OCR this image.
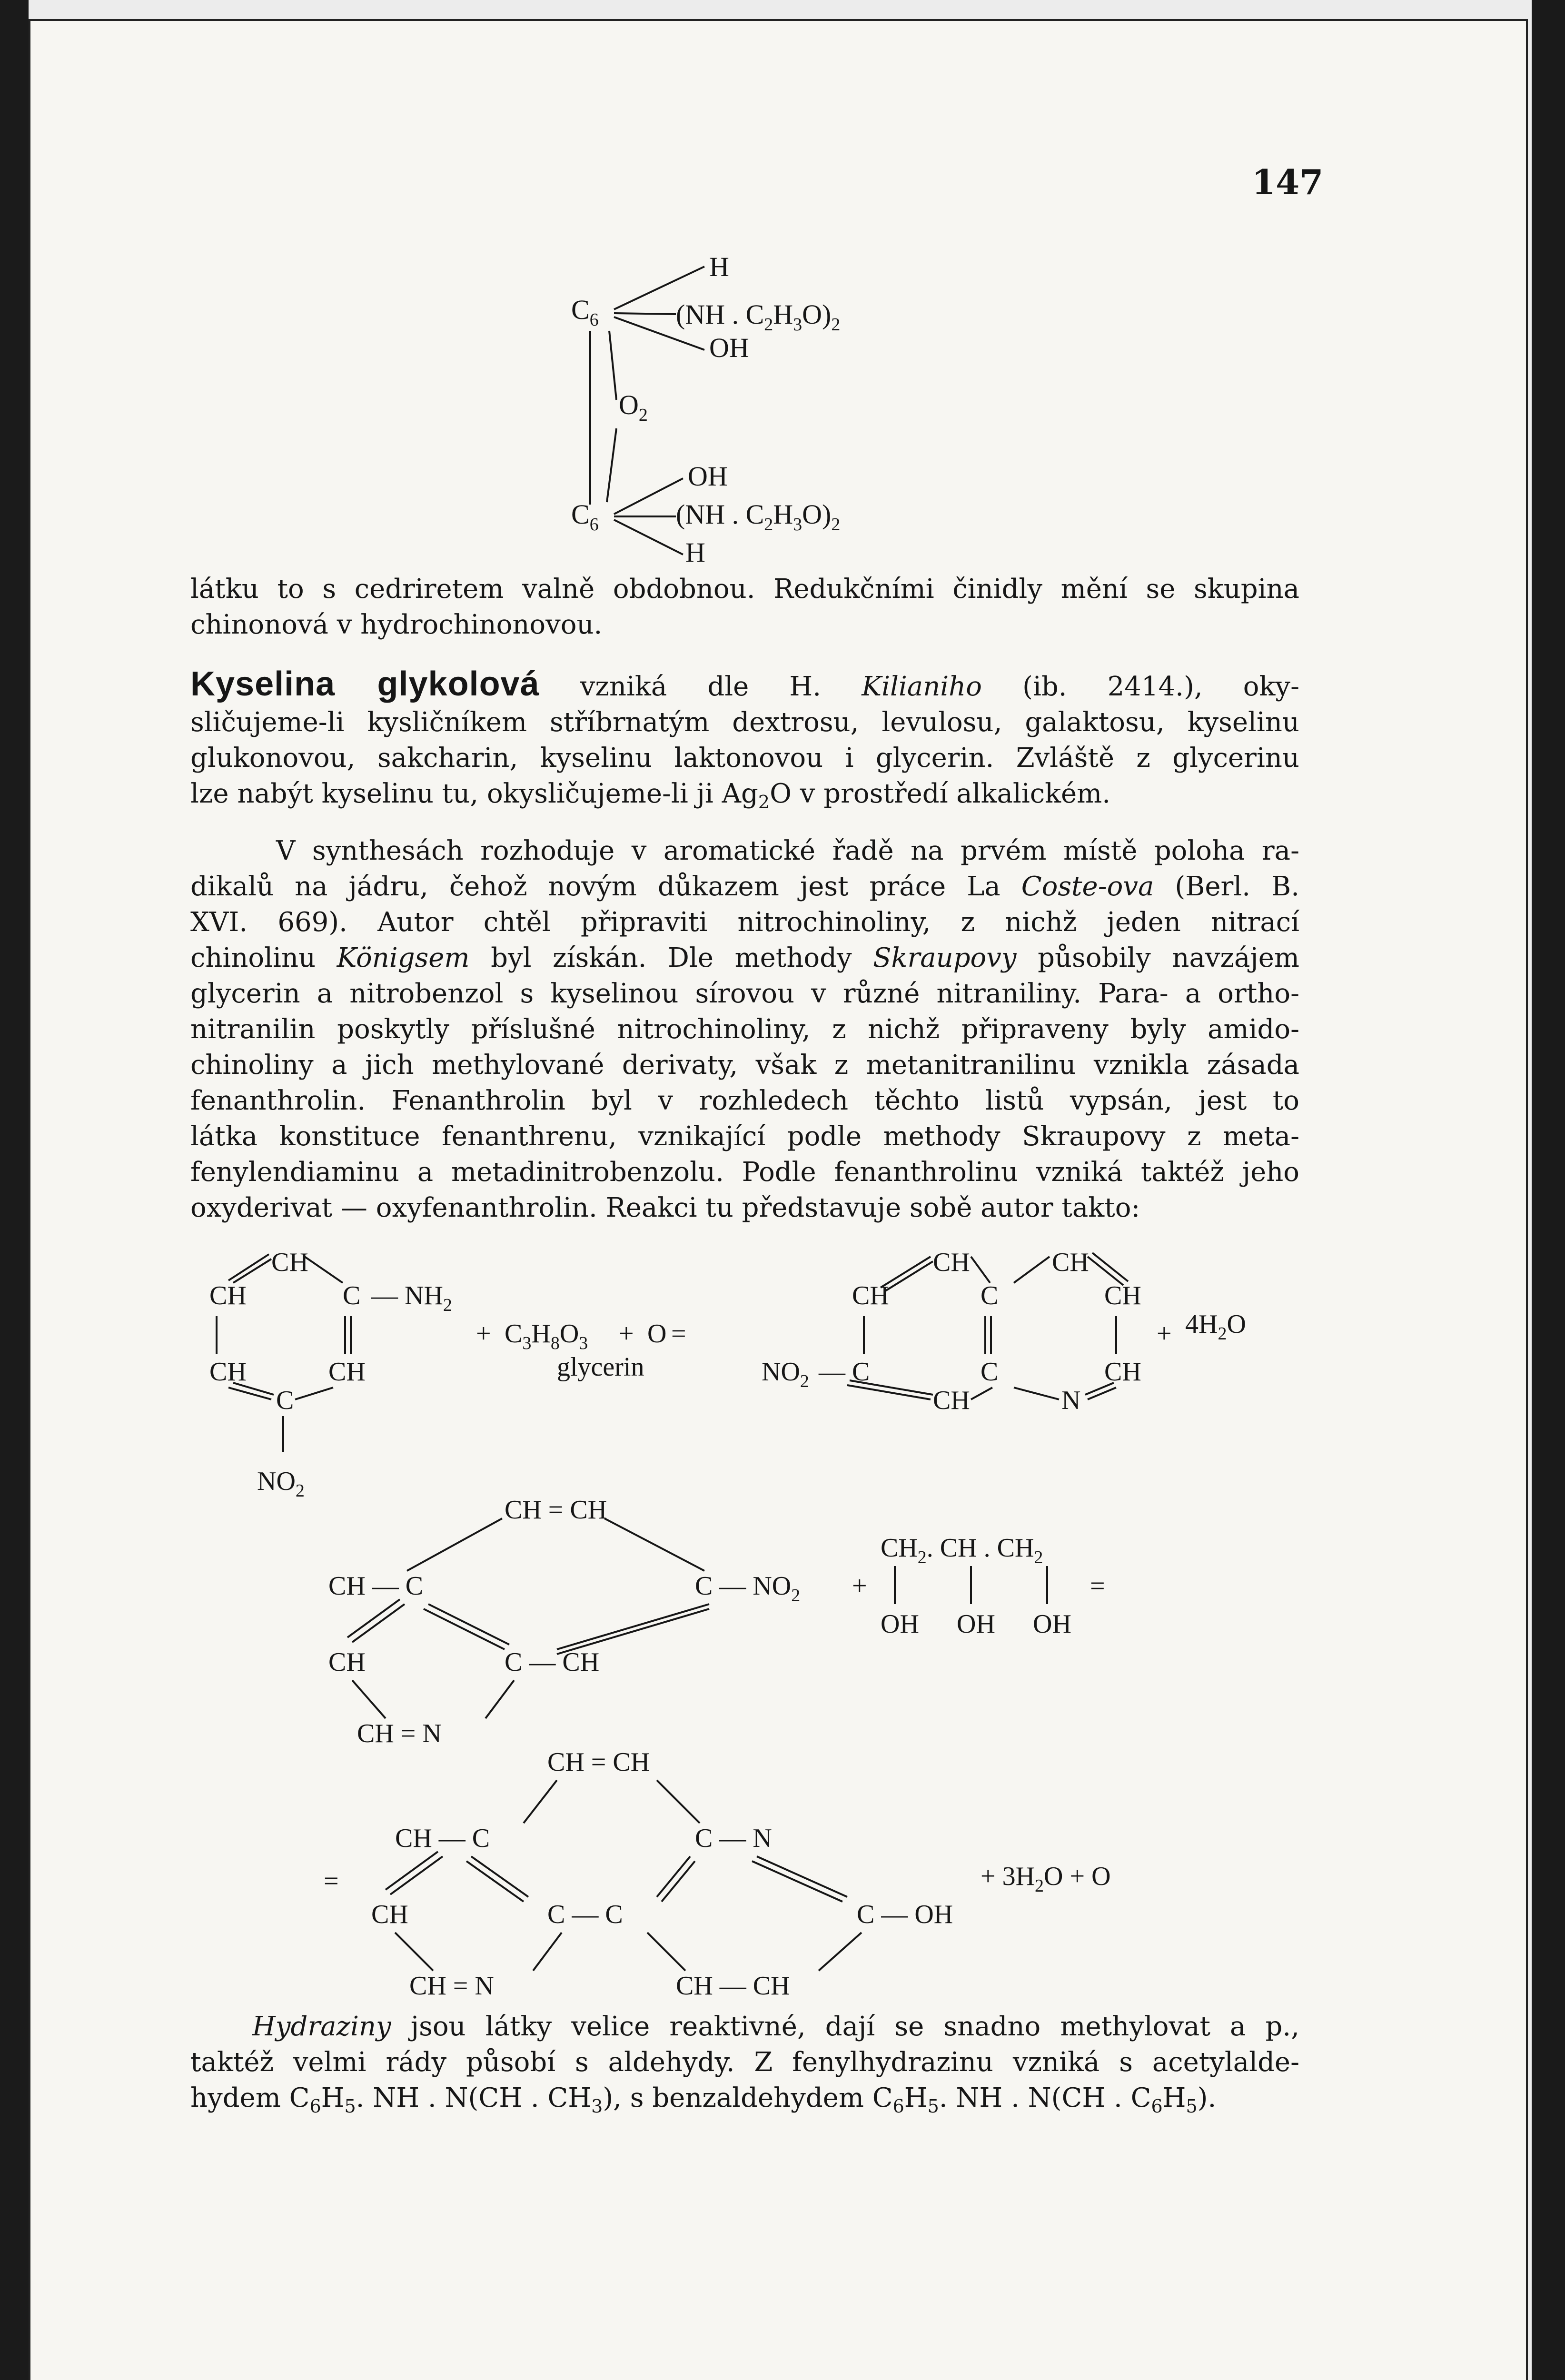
147
$C_6$
H
(NH . $C_2H_3O)_2$
OH
$O_2$
OH
$C_6$	(NH . $C_2H_3O)_2$
H
látku to s cedriretem valně obdobnou. Redukčními činidly mění se skupina
chinonová v hydrochinonovou.
Kyselina glykolová vzniká dle H. Kilianiho (ib. 2414.), oky-
sličujeme-li kysličníkem stříbrnatým dextrosu, levulosu, galaktosu, kyselinu
glukonovou, sakcharin, kyselinu laktonovou i glycerin. Zvláště z glycerinu
lze nabýt kyselinu tu, okysličujeme-li ji $Ag_2O$ v prostředí alkalickém.
V synthesách rozhoduje v aromatické řadě na prvém místě poloha ra-
dikalů na jádru, čehož novým důkazem jest práce La Coste-ova (Berl. B.
XVI. 669). Autor chtěl připraviti nitrochinoliny, z nichž jeden nitrací
chinolinu Königsem byl získán. Dle methody Skraupovy působily navzájem
glycerin a nitrobenzol s kyselinou sírovou v různé nitraniliny. Para- a ortho-
nitranilin poskytly příslušné nitrochinoliny, z nichž připraveny byly amido-
chinoliny a jich methylované derivaty, však z metanitranilinu vznikla zásada
fenanthrolin. Fenanthrolin byl v rozhledech těchto listů vypsán, jest to
látka konstituce fenanthrenu, vznikající podle methody Skraupovy z meta-
fenylendiaminu a metadinitrobenzolu. Podle fenanthrolinu vzniká taktéž jeho
oxyderivat — oxyfenanthrolin. Reakci tu představuje sobě autor takto:
CH
CH	C — $NH_2$
CH	CH
C
$NO_2$
+ $C_3H_8O_3 + O$ =
glycerin
CH	CH
CH	C	CH
$NO_2$ — C	C	CH
CH	N
+ $4H_2O$
CH = CH
CH — C	C — $NO_2$ +
CH	C — CH
CH = N
$CH_2$. CH . $CH_2$
OH OH OH
=
=
CH = CH
CH — C	C — N
CH	C — C	C — OH
CH = N	CH — CH
+ $3H_2O + O$
Hydraziny jsou látky velice reaktivné, dají se snadno methylovat a p.,
taktéž velmi rády působí s aldehydy. Z fenylhydrazinu vzniká s acetylalde-
hydem $C_6H_5$. NH . N(CH . $CH_3$), s benzaldehydem $C_6H_5$. NH . N(CH . $C_6H_5$).
